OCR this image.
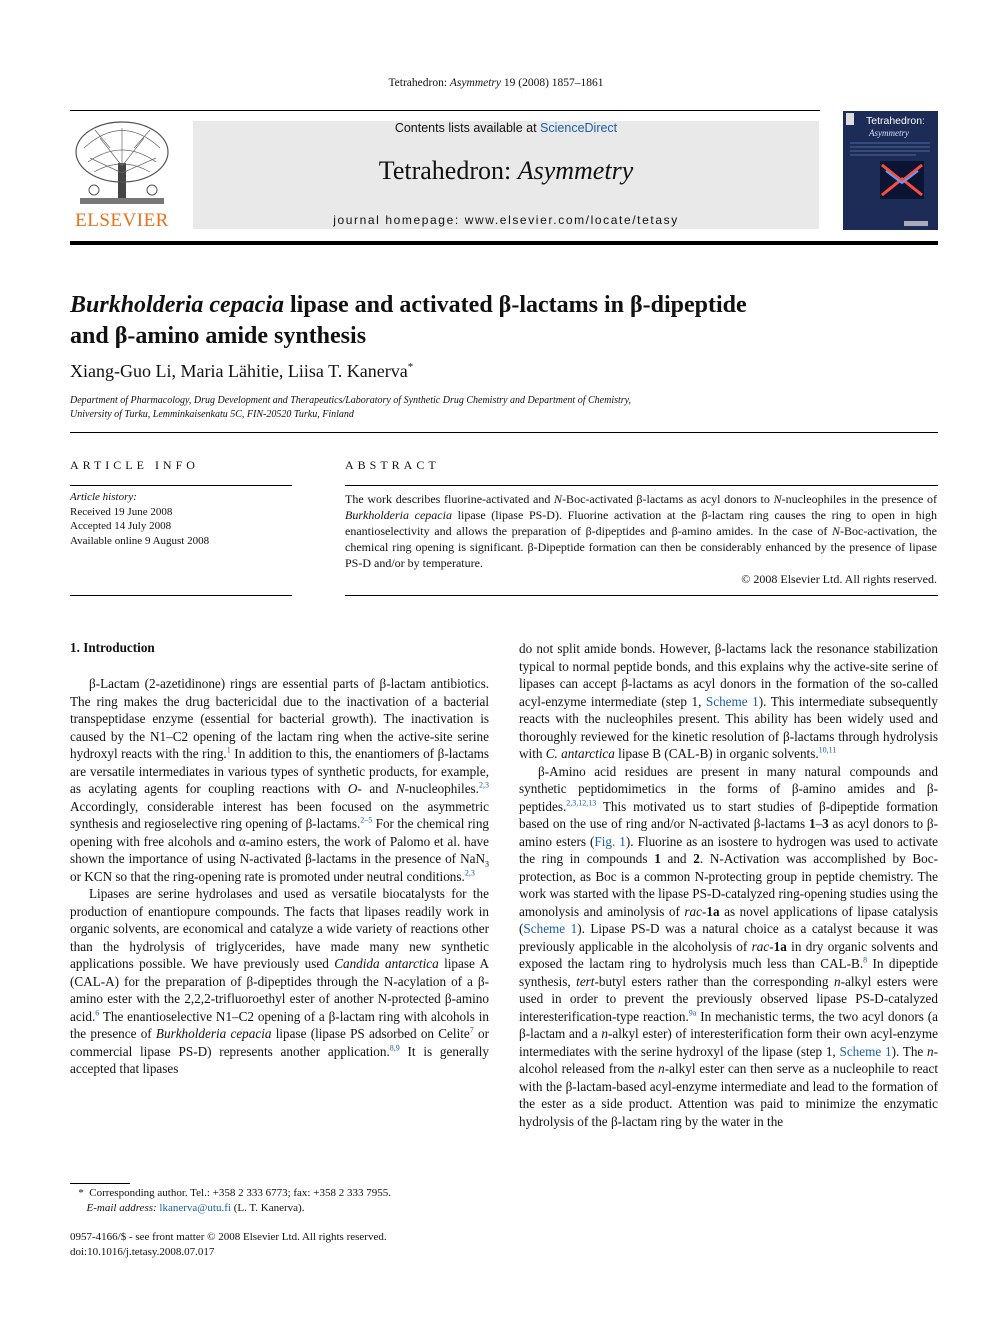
Tetrahedron: Asymmetry 19 (2008) 1857–1861
ELSEVIER
Contents lists available at ScienceDirect
Tetrahedron: Asymmetry
journal homepage: www.elsevier.com/locate/tetasy
Tetrahedron:
Asymmetry
Burkholderia cepacia lipase and activated β-lactams in β-dipeptide
and β-amino amide synthesis
Xiang-Guo Li, Maria Lähitie, Liisa T. Kanerva*
Department of Pharmacology, Drug Development and Therapeutics/Laboratory of Synthetic Drug Chemistry and Department of Chemistry,
University of Turku, Lemminkaisenkatu 5C, FIN-20520 Turku, Finland
ARTICLE INFO
Article history:
Received 19 June 2008
Accepted 14 July 2008
Available online 9 August 2008
ABSTRACT
The work describes fluorine-activated and N-Boc-activated β-lactams as acyl donors to N-nucleophiles in the presence of Burkholderia cepacia lipase (lipase PS-D). Fluorine activation at the β-lactam ring causes the ring to open in high enantioselectivity and allows the preparation of β-dipeptides and β-amino amides. In the case of N-Boc-activation, the chemical ring opening is significant. β-Dipeptide formation can then be considerably enhanced by the presence of lipase PS-D and/or by temperature.
© 2008 Elsevier Ltd. All rights reserved.
1. Introduction

β-Lactam (2-azetidinone) rings are essential parts of β-lactam antibiotics. The ring makes the drug bactericidal due to the inactivation of a bacterial transpeptidase enzyme (essential for bacterial growth). The inactivation is caused by the N1–C2 opening of the lactam ring when the active-site serine hydroxyl reacts with the ring.$^1$ In addition to this, the enantiomers of β-lactams are versatile intermediates in various types of synthetic products, for example, as acylating agents for coupling reactions with O- and N-nucleophiles.$^{2,3}$ Accordingly, considerable interest has been focused on the asymmetric synthesis and regioselective ring opening of β-lactams.$^{2-5}$ For the chemical ring opening with free alcohols and α-amino esters, the work of Palomo et al. have shown the importance of using N-activated β-lactams in the presence of NaN$_3$ or KCN so that the ring-opening rate is promoted under neutral conditions.$^{2,3}$

Lipases are serine hydrolases and used as versatile biocatalysts for the production of enantiopure compounds. The facts that lipases readily work in organic solvents, are economical and catalyze a wide variety of reactions other than the hydrolysis of triglycerides, have made many new synthetic applications possible. We have previously used Candida antarctica lipase A (CAL-A) for the preparation of β-dipeptides through the N-acylation of a β-amino ester with the 2,2,2-trifluoroethyl ester of another N-protected β-amino acid.$^6$ The enantioselective N1–C2 opening of a β-lactam ring with alcohols in the presence of Burkholderia cepacia lipase (lipase PS adsorbed on Celite$^7$ or commercial lipase PS-D) represents another application.$^{8,9}$ It is generally accepted that lipases

do not split amide bonds. However, β-lactams lack the resonance stabilization typical to normal peptide bonds, and this explains why the active-site serine of lipases can accept β-lactams as acyl donors in the formation of the so-called acyl-enzyme intermediate (step 1, Scheme 1). This intermediate subsequently reacts with the nucleophiles present. This ability has been widely used and thoroughly reviewed for the kinetic resolution of β-lactams through hydrolysis with C. antarctica lipase B (CAL-B) in organic solvents.$^{10,11}$

β-Amino acid residues are present in many natural compounds and synthetic peptidomimetics in the forms of β-amino amides and β-peptides.$^{2,3,12,13}$ This motivated us to start studies of β-dipeptide formation based on the use of ring and/or N-activated β-lactams 1–3 as acyl donors to β-amino esters (Fig. 1). Fluorine as an isostere to hydrogen was used to activate the ring in compounds 1 and 2. N-Activation was accomplished by Boc-protection, as Boc is a common N-protecting group in peptide chemistry. The work was started with the lipase PS-D-catalyzed ring-opening studies using the amonolysis and aminolysis of rac-1a as novel applications of lipase catalysis (Scheme 1). Lipase PS-D was a natural choice as a catalyst because it was previously applicable in the alcoholysis of rac-1a in dry organic solvents and exposed the lactam ring to hydrolysis much less than CAL-B.$^8$ In dipeptide synthesis, tert-butyl esters rather than the corresponding n-alkyl esters were used in order to prevent the previously observed lipase PS-D-catalyzed interesterification-type reaction.$^{9a}$ In mechanistic terms, the two acyl donors (a β-lactam and a n-alkyl ester) of interesterification form their own acyl-enzyme intermediates with the serine hydroxyl of the lipase (step 1, Scheme 1). The n-alcohol released from the n-alkyl ester can then serve as a nucleophile to react with the β-lactam-based acyl-enzyme intermediate and lead to the formation of the ester as a side product. Attention was paid to minimize the enzymatic hydrolysis of the β-lactam ring by the water in the

* Corresponding author. Tel.: +358 2 333 6773; fax: +358 2 333 7955.
E-mail address: lkanerva@utu.fi (L. T. Kanerva).
0957-4166/$ - see front matter © 2008 Elsevier Ltd. All rights reserved.
doi:10.1016/j.tetasy.2008.07.017
